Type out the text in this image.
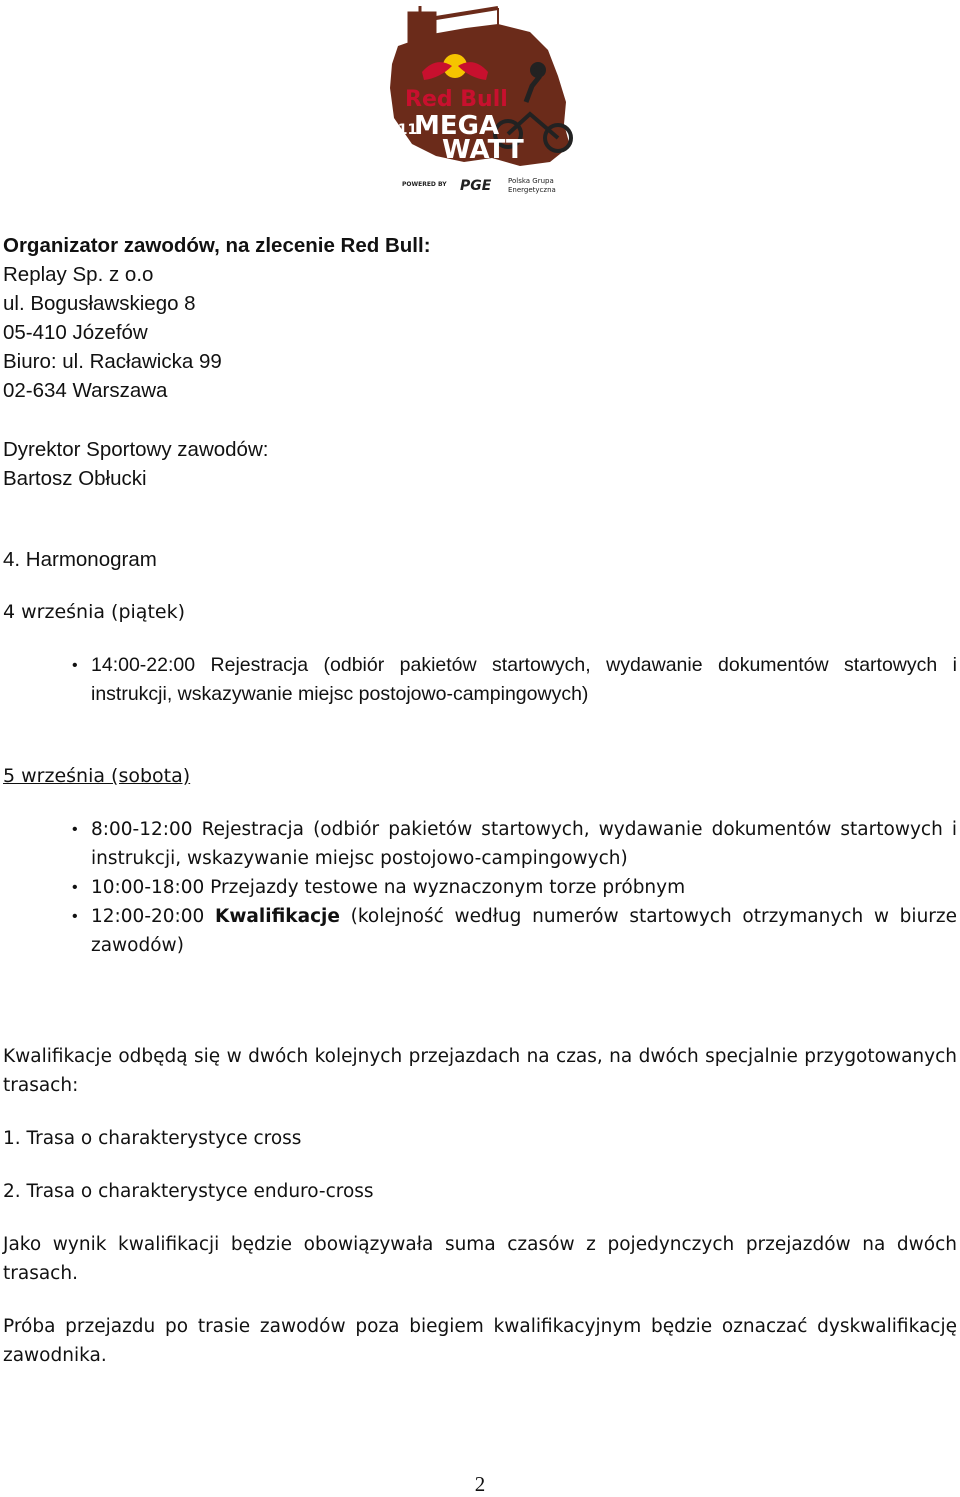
Red Bull
111
MEGA
WATT
POWERED BY PGE Polska Grupa
Energetyczna
Organizator zawodów, na zlecenie Red Bull:
Replay Sp. z o.o
ul. Bogusławskiego 8
05-410 Józefów
Biuro: ul. Racławicka 99
02-634 Warszawa
Dyrektor Sportowy zawodów:
Bartosz Obłucki
4. Harmonogram
4 września (piątek)
• 14:00-22:00 Rejestracja (odbiór pakietów startowych, wydawanie dokumentów startowych i instrukcji, wskazywanie miejsc postojowo-campingowych)
5 września (sobota)
• 8:00-12:00 Rejestracja (odbiór pakietów startowych, wydawanie dokumentów startowych i instrukcji, wskazywanie miejsc postojowo-campingowych)
• 10:00-18:00 Przejazdy testowe na wyznaczonym torze próbnym
• 12:00-20:00 Kwalifikacje (kolejność według numerów startowych otrzymanych w biurze zawodów)
Kwalifikacje odbędą się w dwóch kolejnych przejazdach na czas, na dwóch specjalnie przygotowanych trasach:
1. Trasa o charakterystyce cross
2. Trasa o charakterystyce enduro-cross
Jako wynik kwalifikacji będzie obowiązywała suma czasów z pojedynczych przejazdów na dwóch trasach.
Próba przejazdu po trasie zawodów poza biegiem kwalifikacyjnym będzie oznaczać dyskwalifikację zawodnika.
2
